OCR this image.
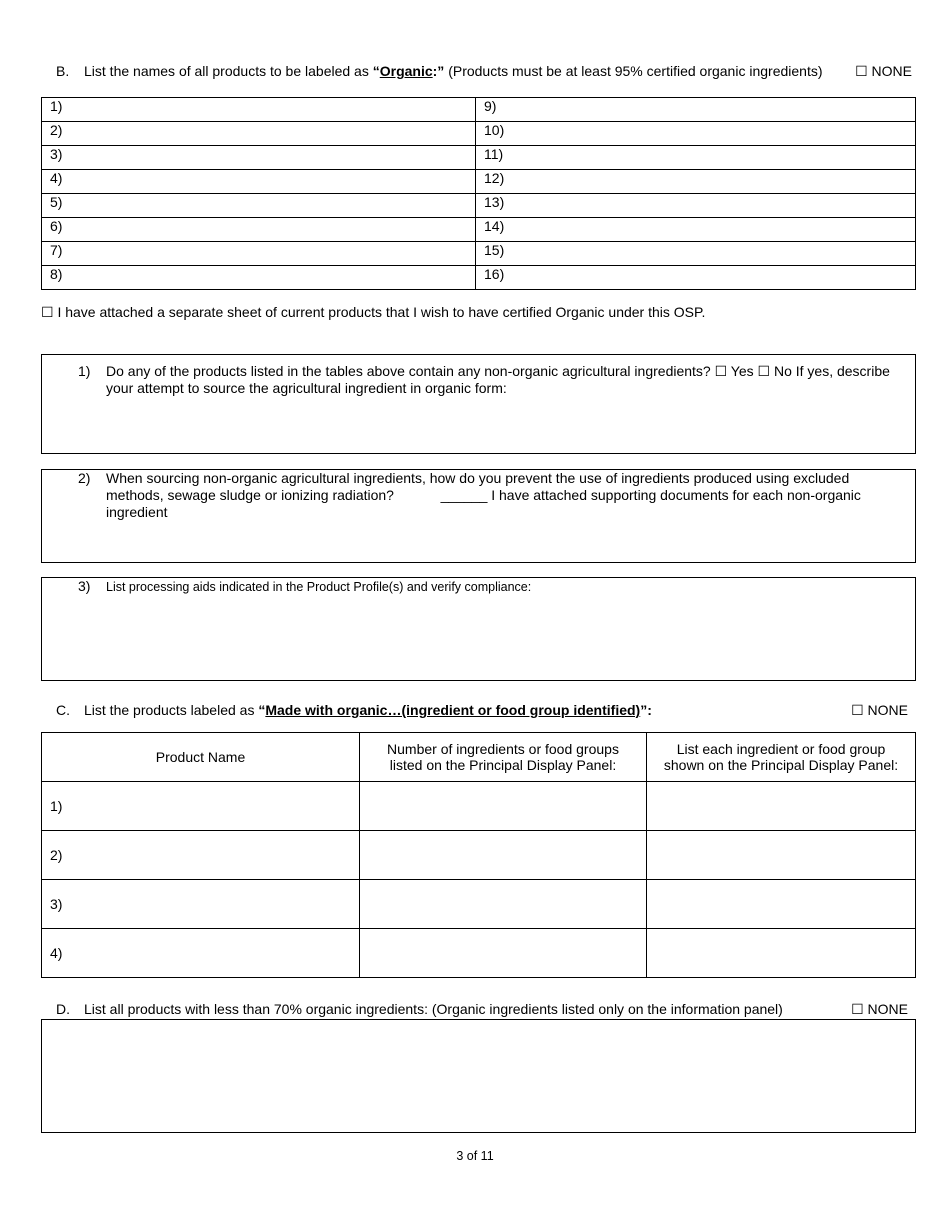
B. List the names of all products to be labeled as “Organic:” (Products must be at least 95% certified organic ingredients) ☐ NONE
1)	9)
2)	10)
3)	11)
4)	12)
5)	13)
6)	14)
7)	15)
8)	16)
☐ I have attached a separate sheet of current products that I wish to have certified Organic under this OSP.
1) Do any of the products listed in the tables above contain any non-organic agricultural ingredients? ☐ Yes ☐ No If yes, describe your attempt to source the agricultural ingredient in organic form:
2) When sourcing non-organic agricultural ingredients, how do you prevent the use of ingredients produced using excluded methods, sewage sludge or ionizing radiation?            ______ I have attached supporting documents for each non-organic ingredient
3) List processing aids indicated in the Product Profile(s) and verify compliance:
C. List the products labeled as “Made with organic…(ingredient or food group identified)”:	☐ NONE
Product Name	Number of ingredients or food groups listed on the Principal Display Panel:	List each ingredient or food group shown on the Principal Display Panel:
1)		
2)		
3)		
4)		
D. List all products with less than 70% organic ingredients: (Organic ingredients listed only on the information panel)	☐ NONE
3 of 11
